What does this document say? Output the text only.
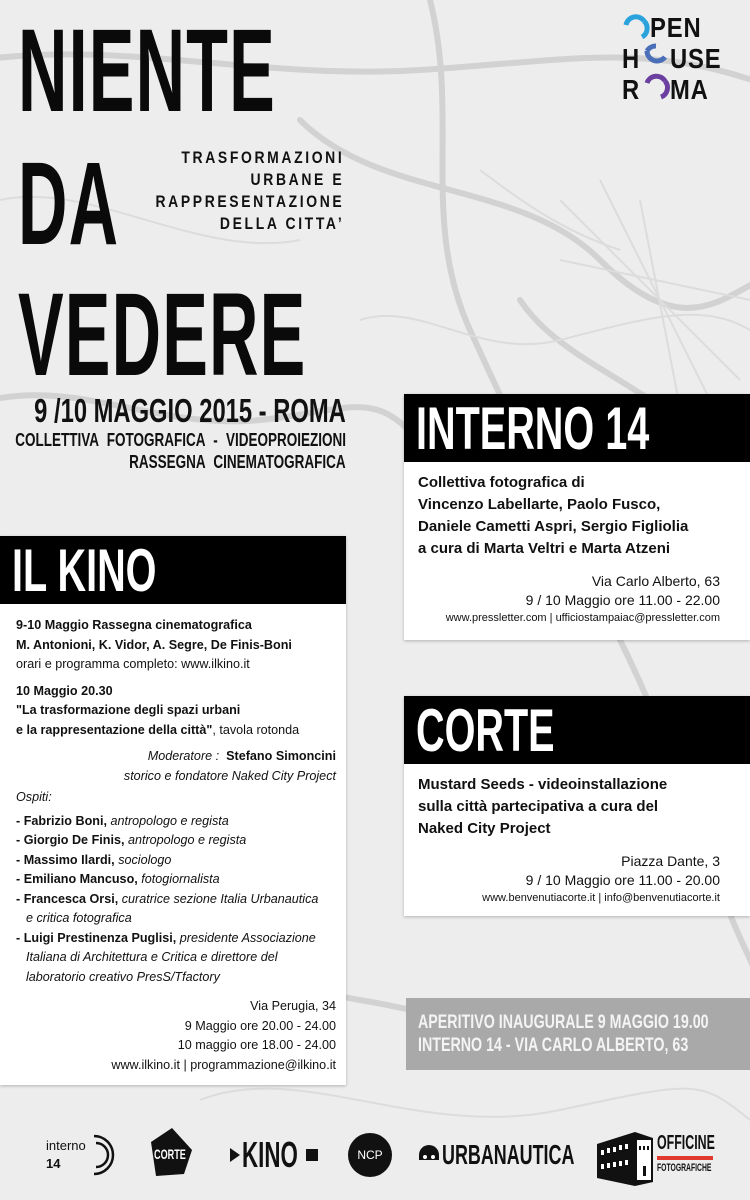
NIENTE
DA
VEDERE
TRASFORMAZIONI
URBANE E
RAPPRESENTAZIONE
DELLA CITTA’
9 /10 MAGGIO 2015 - ROMA
COLLETTIVA FOTOGRAFICA - VIDEOPROIEZIONI
RASSEGNA CINEMATOGRAFICA
PEN
H USE
R MA
INTERNO 14
Collettiva fotografica di
Vincenzo Labellarte, Paolo Fusco,
Daniele Cametti Aspri, Sergio Figliolia
a cura di Marta Veltri e Marta Atzeni
Via Carlo Alberto, 63
9 / 10 Maggio ore 11.00 - 22.00
www.pressletter.com | ufficiostampaiac@pressletter.com
CORTE
Mustard Seeds - videoinstallazione
sulla città partecipativa a cura del
Naked City Project
Piazza Dante, 3
9 / 10 Maggio ore 11.00 - 20.00
www.benvenutiacorte.it | info@benvenutiacorte.it
IL KINO
9-10 Maggio Rassegna cinematografica
M. Antonioni, K. Vidor, A. Segre, De Finis-Boni
orari e programma completo: www.ilkino.it
10 Maggio 20.30
"La trasformazione degli spazi urbani
e la rappresentazione della città", tavola rotonda
Moderatore : Stefano Simoncini
storico e fondatore Naked City Project
Ospiti:
- Fabrizio Boni, antropologo e regista
- Giorgio De Finis, antropologo e regista
- Massimo Ilardi, sociologo
- Emiliano Mancuso, fotogiornalista
- Francesca Orsi, curatrice sezione Italia Urbanautica
e critica fotografica
- Luigi Prestinenza Puglisi, presidente Associazione
Italiana di Architettura e Critica e direttore del laboratorio creativo PresS/Tfactory
Via Perugia, 34
9 Maggio ore 20.00 - 24.00
10 maggio ore 18.00 - 24.00
www.ilkino.it | programmazione@ilkino.it
APERITIVO INAUGURALE 9 MAGGIO 19.00
INTERNO 14 - VIA CARLO ALBERTO, 63
interno
14
CORTE KINO	NCP	URBANAUTICA	OFFICINE
FOTOGRAFICHE
